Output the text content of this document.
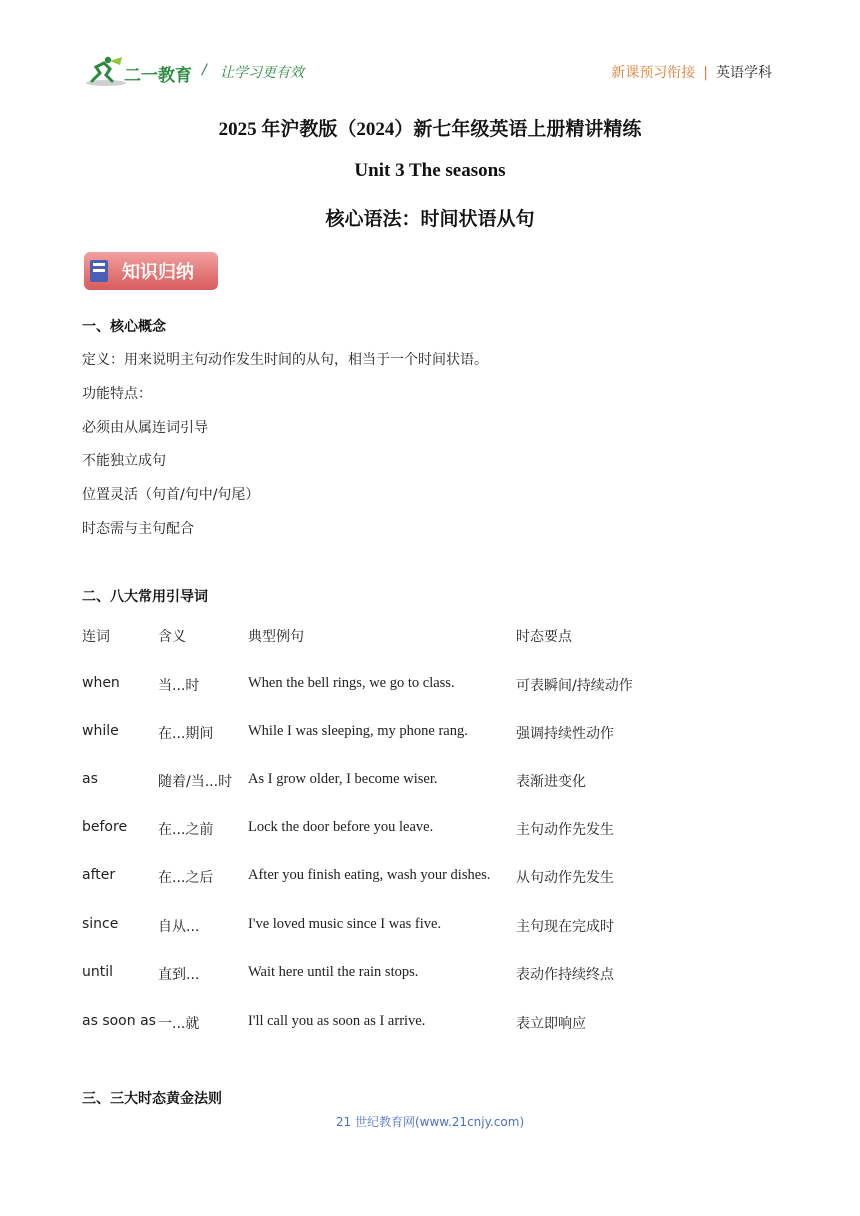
二一教育 / 让学习更有效	新课预习衔接 | 英语学科
2025 年沪教版（2024）新七年级英语上册精讲精练
Unit 3 The seasons
核心语法：时间状语从句
知识归纳
一、核心概念
定义：用来说明主句动作发生时间的从句，相当于一个时间状语。
功能特点：
必须由从属连词引导
不能独立成句
位置灵活（句首/句中/句尾）
时态需与主句配合
二、八大常用引导词
连词	含义	典型例句	时态要点
when	当...时	When the bell rings, we go to class.	可表瞬间/持续动作
while	在...期间 While I was sleeping, my phone rang.	强调持续性动作
as	随着/当...时 As I grow older, I become wiser.	表渐进变化
before 在...之前 Lock the door before you leave.	主句动作先发生
after	在...之后 After you finish eating, wash your dishes. 从句动作先发生
since	自从...	I've loved music since I was five.	主句现在完成时
until	直到...	Wait here until the rain stops.	表动作持续终点
as soon as 一...就	I'll call you as soon as I arrive.	表立即响应
三、三大时态黄金法则
21 世纪教育网(www.21cnjy.com)
